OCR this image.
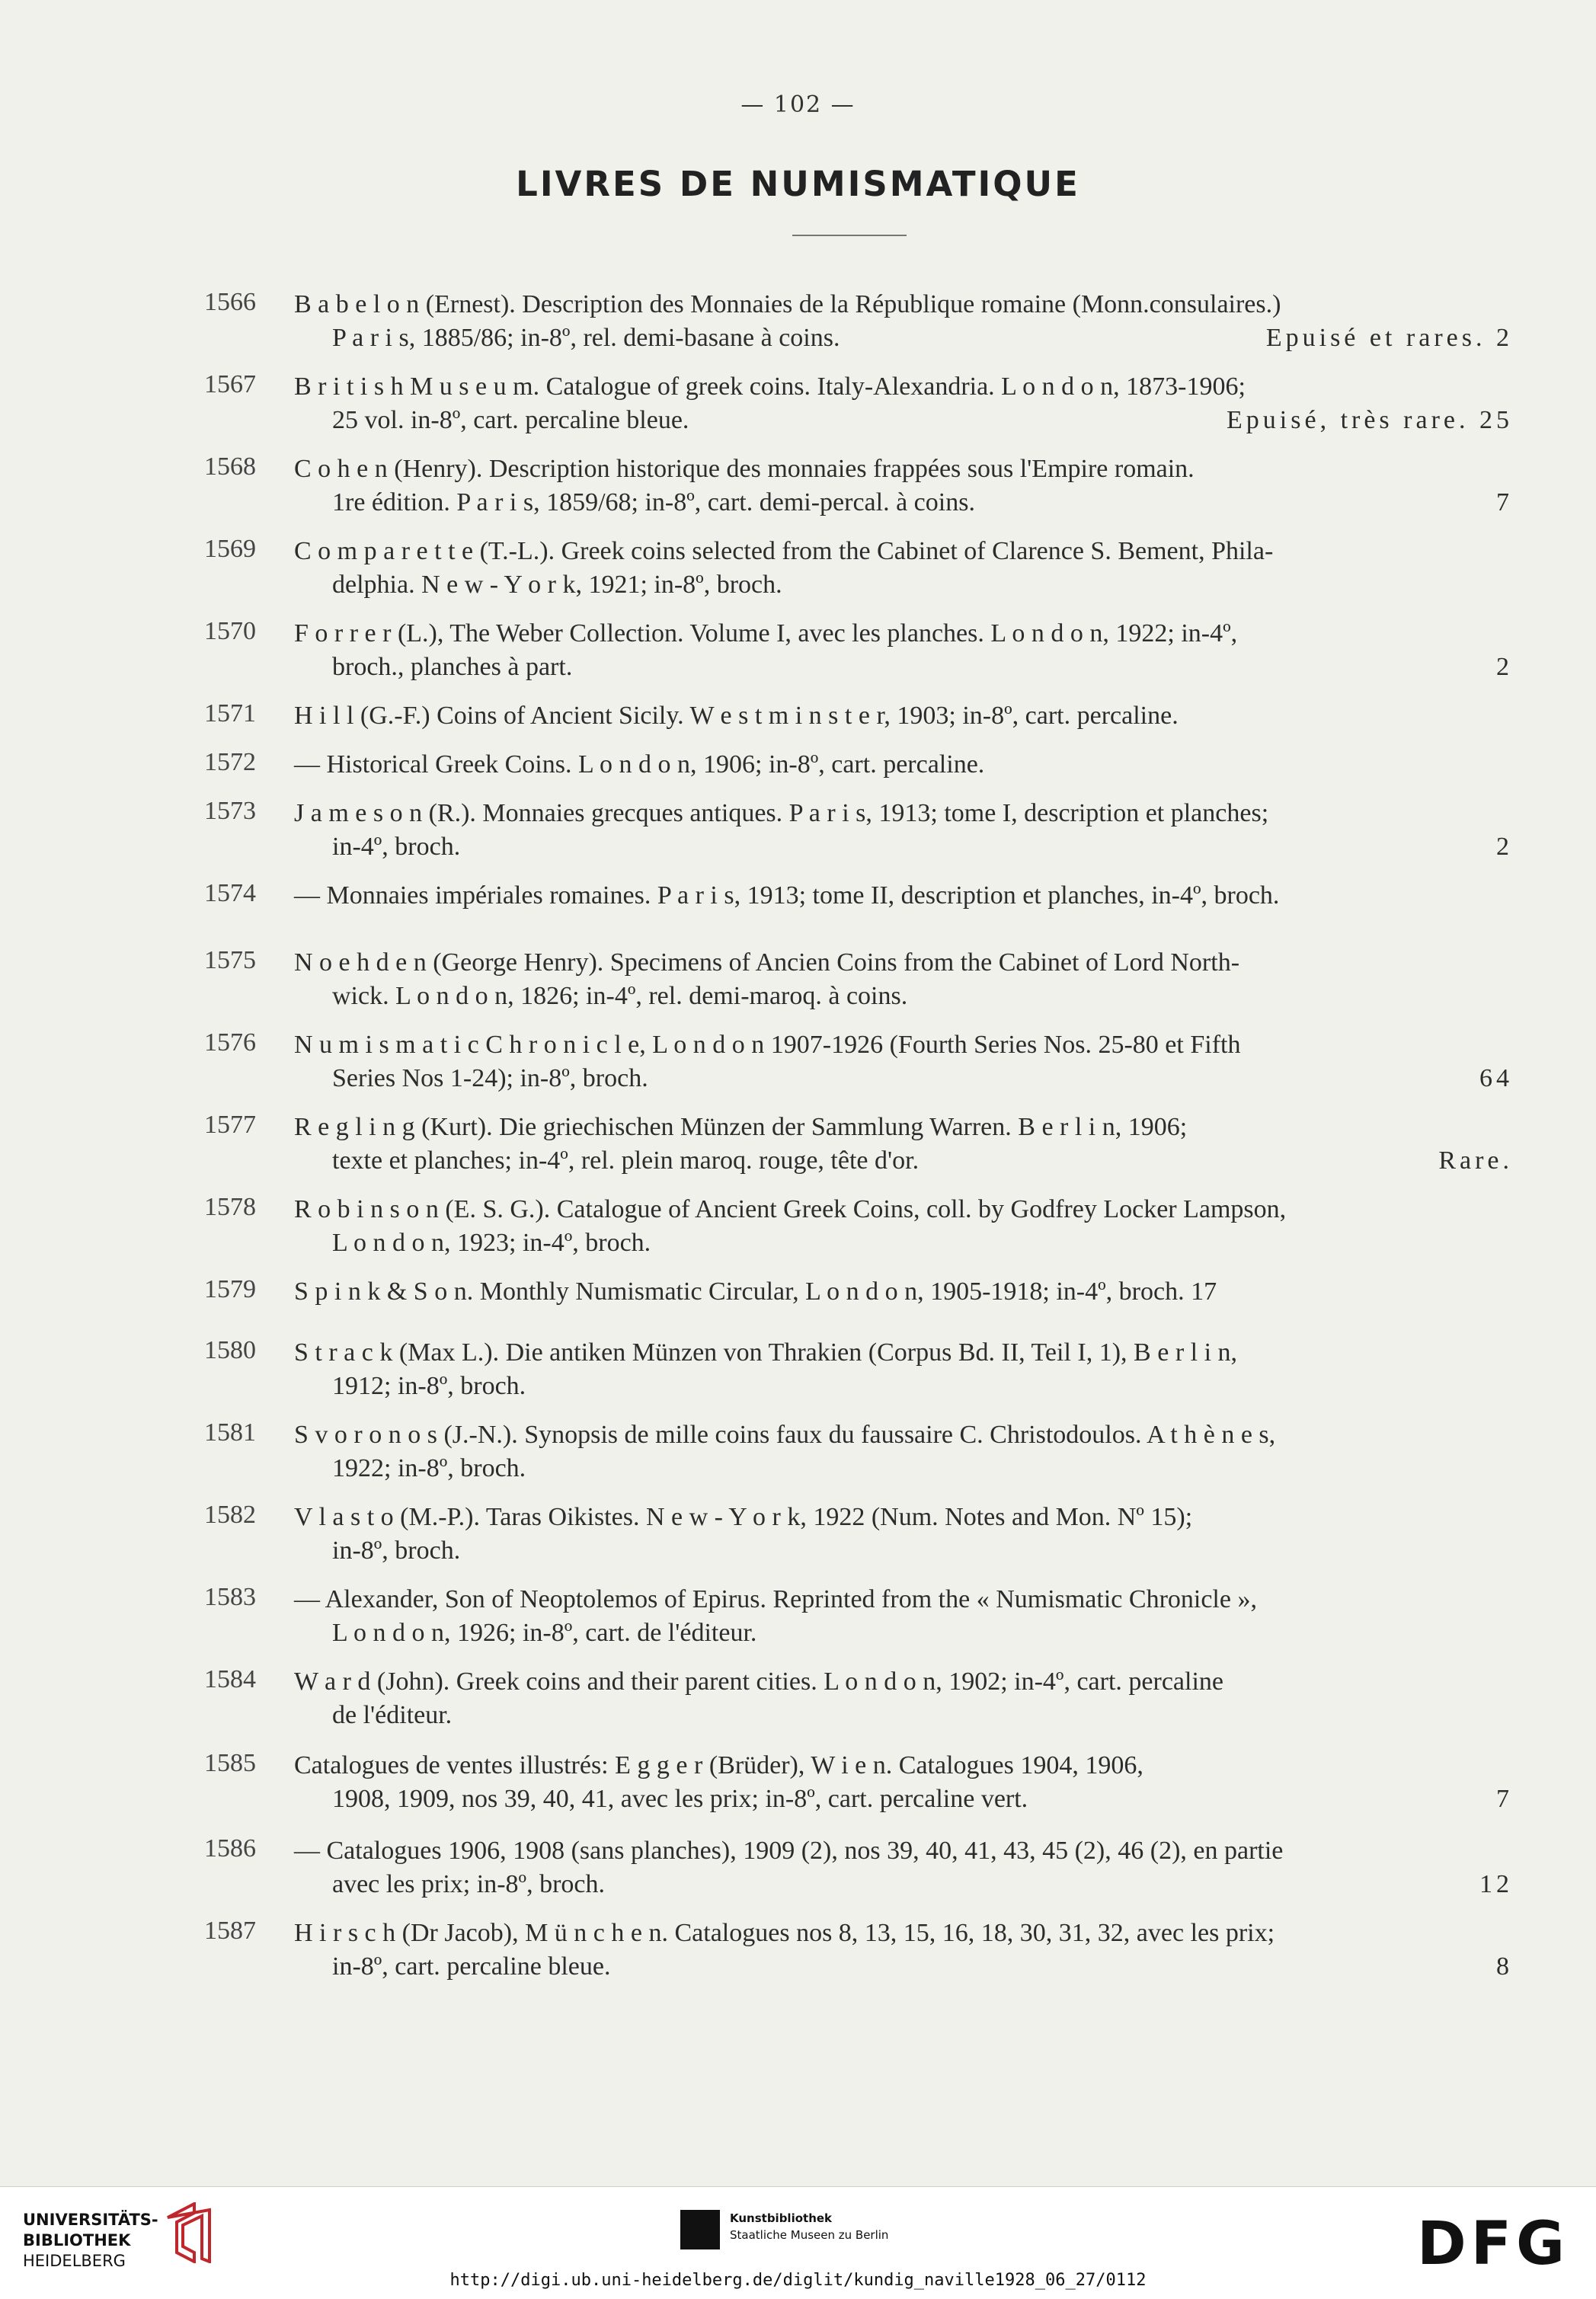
— 102 —
LIVRES DE NUMISMATIQUE
1566	B a b e l o n (Ernest). Description des Monnaies de la République romaine (Monn.consulaires.)
P a r i s, 1885/86; in-8º, rel. demi-basane à coins.	Epuisé et rares. 2
1567	B r i t i s h M u s e u m. Catalogue of greek coins. Italy-Alexandria. L o n d o n, 1873-1906;
25 vol. in-8º, cart. percaline bleue.	Epuisé, très rare. 25
1568	C o h e n (Henry). Description historique des monnaies frappées sous l'Empire romain.
1re édition. P a r i s, 1859/68; in-8º, cart. demi-percal. à coins.	7
1569	C o m p a r e t t e (T.-L.). Greek coins selected from the Cabinet of Clarence S. Bement, Phila-
delphia. N e w - Y o r k, 1921; in-8º, broch.
1570	F o r r e r (L.), The Weber Collection. Volume I, avec les planches. L o n d o n, 1922; in-4º,
broch., planches à part.	2
1571	H i l l (G.-F.) Coins of Ancient Sicily. W e s t m i n s t e r, 1903; in-8º, cart. percaline.
1572	— Historical Greek Coins. L o n d o n, 1906; in-8º, cart. percaline.
1573	J a m e s o n (R.). Monnaies grecques antiques. P a r i s, 1913; tome I, description et planches;
in-4º, broch.	2
1574	— Monnaies impériales romaines. P a r i s, 1913; tome II, description et planches, in-4º, broch.
1575	N o e h d e n (George Henry). Specimens of Ancien Coins from the Cabinet of Lord North-
wick. L o n d o n, 1826; in-4º, rel. demi-maroq. à coins.
1576	N u m i s m a t i c C h r o n i c l e, L o n d o n 1907-1926 (Fourth Series Nos. 25-80 et Fifth
Series Nos 1-24); in-8º, broch.	64
1577	R e g l i n g (Kurt). Die griechischen Münzen der Sammlung Warren. B e r l i n, 1906;
texte et planches; in-4º, rel. plein maroq. rouge, tête d'or.	Rare.
1578	R o b i n s o n (E. S. G.). Catalogue of Ancient Greek Coins, coll. by Godfrey Locker Lampson,
L o n d o n, 1923; in-4º, broch.
1579	S p i n k & S o n. Monthly Numismatic Circular, L o n d o n, 1905-1918; in-4º, broch. 17
1580	S t r a c k (Max L.). Die antiken Münzen von Thrakien (Corpus Bd. II, Teil I, 1), B e r l i n,
1912; in-8º, broch.
1581	S v o r o n o s (J.-N.). Synopsis de mille coins faux du faussaire C. Christodoulos. A t h è n e s,
1922; in-8º, broch.
1582	V l a s t o (M.-P.). Taras Oikistes. N e w - Y o r k, 1922 (Num. Notes and Mon. Nº 15);
in-8º, broch.
1583	— Alexander, Son of Neoptolemos of Epirus. Reprinted from the « Numismatic Chronicle »,
L o n d o n, 1926; in-8º, cart. de l'éditeur.
1584	W a r d (John). Greek coins and their parent cities. L o n d o n, 1902; in-4º, cart. percaline
de l'éditeur.
1585	Catalogues de ventes illustrés: E g g e r (Brüder), W i e n. Catalogues 1904, 1906,
1908, 1909, nos 39, 40, 41, avec les prix; in-8º, cart. percaline vert.	7
1586	— Catalogues 1906, 1908 (sans planches), 1909 (2), nos 39, 40, 41, 43, 45 (2), 46 (2), en partie
avec les prix; in-8º, broch.	12
1587	H i r s c h (Dr Jacob), M ü n c h e n. Catalogues nos 8, 13, 15, 16, 18, 30, 31, 32, avec les prix;
in-8º, cart. percaline bleue.	8
UNIVERSITÄTS-
BIBLIOTHEK
HEIDELBERG
Kunstbibliothek
Staatliche Museen zu Berlin	DFG
http://digi.ub.uni-heidelberg.de/diglit/kundig_naville1928_06_27/0112
